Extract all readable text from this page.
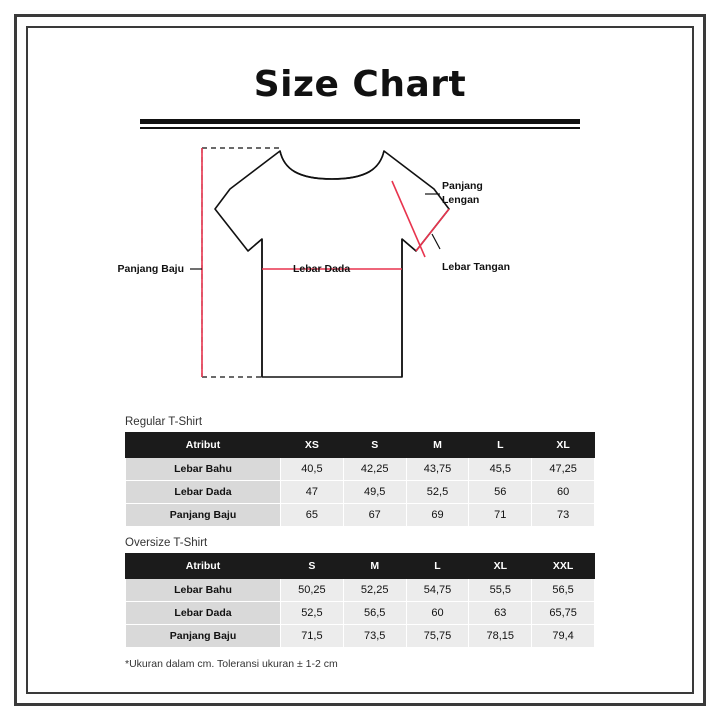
Size Chart
Panjang Baju	Lebar Dada
Panjang
Lengan
Lebar Tangan
Regular T-Shirt
Atribut	XS	S	M	L	XL
Lebar Bahu	40,5	42,25	43,75	45,5	47,25
Lebar Dada	47	49,5	52,5	56	60
Panjang Baju	65	67	69	71	73
Oversize T-Shirt
Atribut	S	M	L	XL	XXL
Lebar Bahu	50,25	52,25	54,75	55,5	56,5
Lebar Dada	52,5	56,5	60	63	65,75
Panjang Baju	71,5	73,5	75,75	78,15	79,4
*Ukuran dalam cm. Toleransi ukuran ± 1-2 cm
